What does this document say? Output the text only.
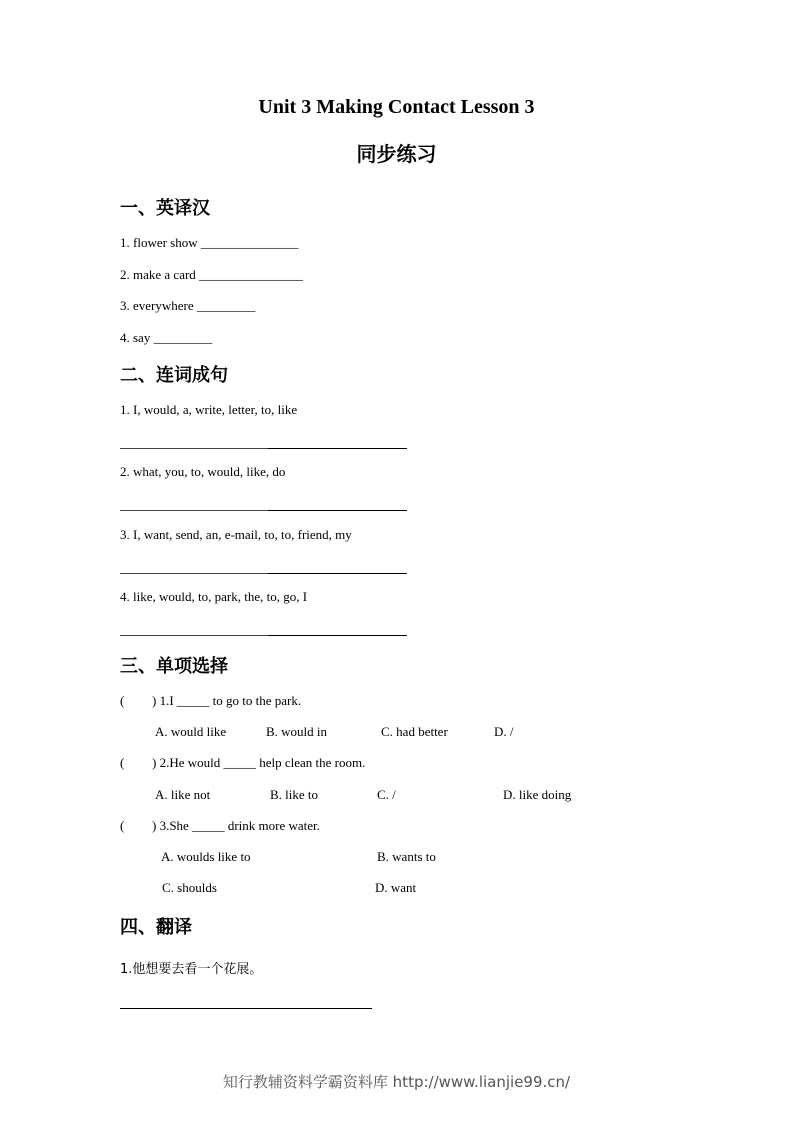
Unit 3 Making Contact Lesson 3
同步练习
一、英译汉
1. flower show _______________
2. make a card ________________
3. everywhere _________
4. say _________
二、连词成句
1. I, would, a, write, letter, to, like
2. what, you, to, would, like, do
3. I, want, send, an, e-mail, to, to, friend, my
4. like, would, to, park, the, to, go, I
三、单项选择
( ) 1.I _____ to go to the park.
A. would like	B. would in	C. had better	D. /
( ) 2.He would _____ help clean the room.
A. like not	B. like to	C. /	D. like doing
( ) 3.She _____ drink more water.
A. woulds like to	B. wants to
C. shoulds	D. want
四、翻译
1.他想要去看一个花展。
知行教辅资料学霸资料库 http://www.lianjie99.cn/
